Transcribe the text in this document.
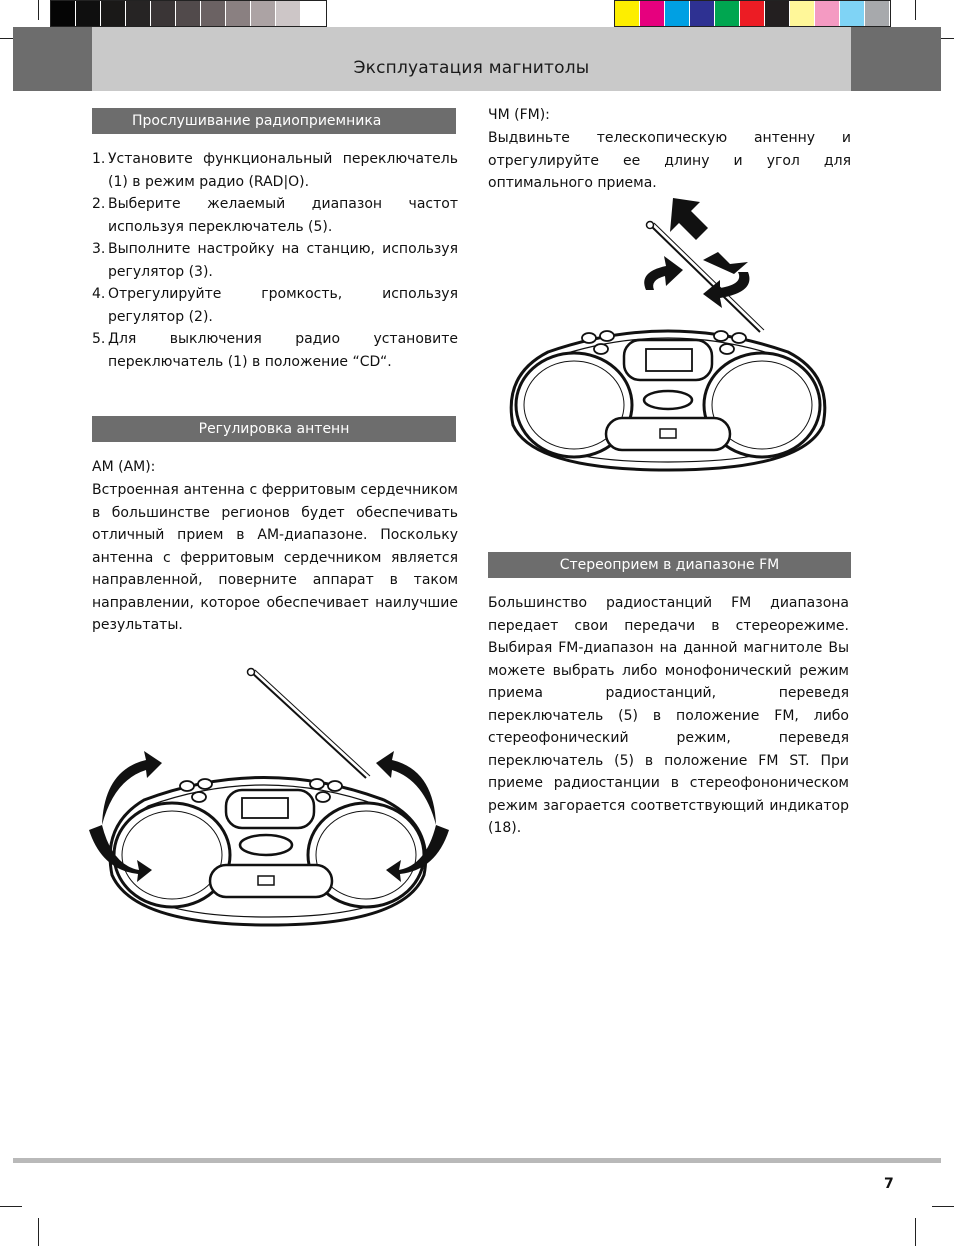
Эксплуатация магнитолы
Прослушивание радиоприемника
1. Установите функциональный переключатель (1) в режим радио (RAD|O).
2. Выберите желаемый диапазон частот используя переключатель (5).
3. Выполните настройку на станцию, используя регулятор (3).
4. Отрегулируйте громкость, используя регулятор (2).
5. Для выключения радио установите переключатель (1) в положение “CD“.
Регулировка антенн
АМ (AM):

Встроенная антенна с ферритовым сердечником в большинстве регионов будет обеспечивать отличный прием в АМ-диапазоне. Поскольку антенна с ферритовым сердечником является направленной, поверните аппарат в таком направлении, которое обеспечивает наилучшие результаты.

ЧМ (FM):

Выдвиньте телескопическую антенну и отрегулируйте ее длину и угол для оптимального приема.

Стереоприем в диапазоне FM

Большинство радиостанций FM диапазона передает свои передачи в стереорежиме. Выбирая FM-диапазон на данной магнитоле Вы можете выбрать либо монофонический режим приема радиостанций, переведя переключатель (5) в положение FM, либо стереофонический режим, переведя переключатель (5) в положение FM ST. При приеме радиостанции в стереофононическом режим загорается соответствующий индикатор (18).

7
